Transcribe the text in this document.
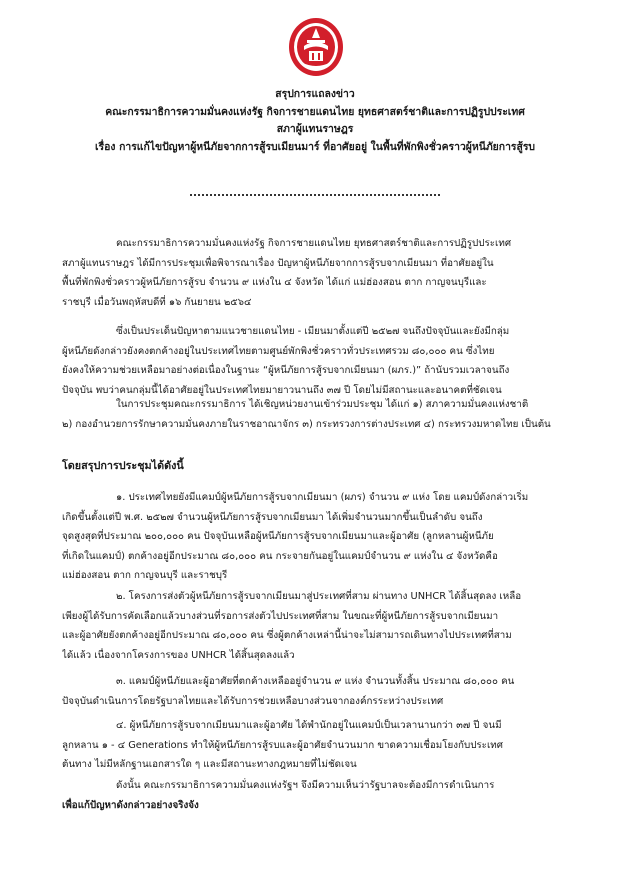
สรุปการแถลงข่าว
คณะกรรมาธิการความมั่นคงแห่งรัฐ กิจการชายแดนไทย ยุทธศาสตร์ชาติและการปฏิรูปประเทศ
สภาผู้แทนราษฎร
เรื่อง การแก้ไขปัญหาผู้หนีภัยจากการสู้รบเมียนมาร์ ที่อาศัยอยู่ ในพื้นที่พักพิงชั่วคราวผู้หนีภัยการสู้รบ
คณะกรรมาธิการความมั่นคงแห่งรัฐ กิจการชายแดนไทย ยุทธศาสตร์ชาติและการปฏิรูปประเทศ
สภาผู้แทนราษฎร ได้มีการประชุมเพื่อพิจารณาเรื่อง ปัญหาผู้หนีภัยจากการสู้รบจากเมียนมา ที่อาศัยอยู่ใน
พื้นที่พักพิงชั่วคราวผู้หนีภัยการสู้รบ จำนวน ๙ แห่งใน ๔ จังหวัด ได้แก่ แม่ฮ่องสอน ตาก กาญจนบุรีและ
ราชบุรี เมื่อวันพฤหัสบดีที่ ๑๖ กันยายน ๒๕๖๔
ซึ่งเป็นประเด็นปัญหาตามแนวชายแดนไทย - เมียนมาตั้งแต่ปี ๒๕๒๗ จนถึงปัจจุบันและยังมีกลุ่ม
ผู้หนีภัยดังกล่าวยังคงตกค้างอยู่ในประเทศไทยตามศูนย์พักพิงชั่วคราวทั่วประเทศรวม ๘๐,๐๐๐ คน ซึ่งไทย
ยังคงให้ความช่วยเหลือมาอย่างต่อเนื่องในฐานะ “ผู้หนีภัยการสู้รบจากเมียนมา (ผภร.)” ถ้านับรวมเวลาจนถึง
ปัจจุบัน พบว่าคนกลุ่มนี้ได้อาศัยอยู่ในประเทศไทยมายาวนานถึง ๓๗ ปี โดยไม่มีสถานะและอนาคตที่ชัดเจน
ในการประชุมคณะกรรมาธิการ ได้เชิญหน่วยงานเข้าร่วมประชุม ได้แก่ ๑) สภาความมั่นคงแห่งชาติ
๒) กองอำนวยการรักษาความมั่นคงภายในราชอาณาจักร ๓) กระทรวงการต่างประเทศ ๔) กระทรวงมหาดไทย เป็นต้น
โดยสรุปการประชุมได้ดังนี้
๑. ประเทศไทยยังมีแคมป์ผู้หนีภัยการสู้รบจากเมียนมา (ผภร) จำนวน ๙ แห่ง โดย แคมป์ดังกล่าวเริ่ม
เกิดขึ้นตั้งแต่ปี พ.ศ. ๒๕๒๗ จำนวนผู้หนีภัยการสู้รบจากเมียนมา ได้เพิ่มจำนวนมากขึ้นเป็นลำดับ จนถึง
จุดสูงสุดที่ประมาณ ๒๐๐,๐๐๐ คน ปัจจุบันเหลือผู้หนีภัยการสู้รบจากเมียนมาและผู้อาศัย (ลูกหลานผู้หนีภัย
ที่เกิดในแคมป์) ตกค้างอยู่อีกประมาณ ๘๐,๐๐๐ คน กระจายกันอยู่ในแคมป์จำนวน ๙ แห่งใน ๔ จังหวัดคือ
แม่ฮ่องสอน ตาก กาญจนบุรี และราชบุรี
๒. โครงการส่งตัวผู้หนีภัยการสู้รบจากเมียนมาสู่ประเทศที่สาม ผ่านทาง UNHCR ได้สิ้นสุดลง เหลือ
เพียงผู้ได้รับการคัดเลือกแล้วบางส่วนที่รอการส่งตัวไปประเทศที่สาม ในขณะที่ผู้หนีภัยการสู้รบจากเมียนมา
และผู้อาศัยยังตกค้างอยู่อีกประมาณ ๘๐,๐๐๐ คน ซึ่งผู้ตกค้างเหล่านี้น่าจะไม่สามารถเดินทางไปประเทศที่สาม
ได้แล้ว เนื่องจากโครงการของ UNHCR ได้สิ้นสุดลงแล้ว
๓. แคมป์ผู้หนีภัยและผู้อาศัยที่ตกค้างเหลืออยู่จำนวน ๙ แห่ง จำนวนทั้งสิ้น ประมาณ ๘๐,๐๐๐ คน
ปัจจุบันดำเนินการโดยรัฐบาลไทยและได้รับการช่วยเหลือบางส่วนจากองค์กรระหว่างประเทศ
๔. ผู้หนีภัยการสู้รบจากเมียนมาและผู้อาศัย ได้พำนักอยู่ในแคมป์เป็นเวลานานกว่า ๓๗ ปี จนมี
ลูกหลาน ๑ - ๔ Generations ทำให้ผู้หนีภัยการสู้รบและผู้อาศัยจำนวนมาก ขาดความเชื่อมโยงกับประเทศ
ต้นทาง ไม่มีหลักฐานเอกสารใด ๆ และมีสถานะทางกฎหมายที่ไม่ชัดเจน
ดังนั้น คณะกรรมาธิการความมั่นคงแห่งรัฐฯ จึงมีความเห็นว่ารัฐบาลจะต้องมีการดำเนินการ
เพื่อแก้ปัญหาดังกล่าวอย่างจริงจัง
